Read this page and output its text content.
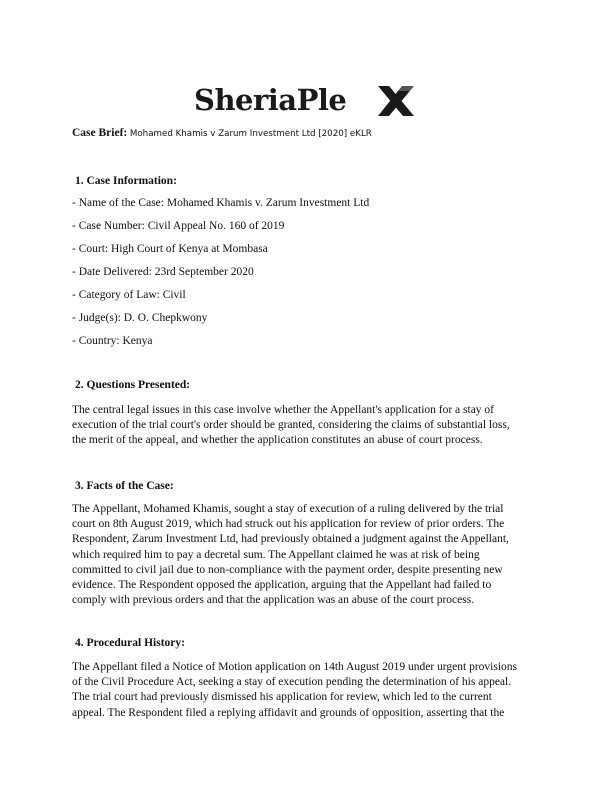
SheriaPle
Case Brief: Mohamed Khamis v Zarum Investment Ltd [2020] eKLR
1. Case Information:
- Name of the Case: Mohamed Khamis v. Zarum Investment Ltd
- Case Number: Civil Appeal No. 160 of 2019
- Court: High Court of Kenya at Mombasa
- Date Delivered: 23rd September 2020
- Category of Law: Civil
- Judge(s): D. O. Chepkwony
- Country: Kenya
2. Questions Presented:
The central legal issues in this case involve whether the Appellant's application for a stay of
execution of the trial court's order should be granted, considering the claims of substantial loss,
the merit of the appeal, and whether the application constitutes an abuse of court process.
3. Facts of the Case:
The Appellant, Mohamed Khamis, sought a stay of execution of a ruling delivered by the trial
court on 8th August 2019, which had struck out his application for review of prior orders. The
Respondent, Zarum Investment Ltd, had previously obtained a judgment against the Appellant,
which required him to pay a decretal sum. The Appellant claimed he was at risk of being
committed to civil jail due to non-compliance with the payment order, despite presenting new
evidence. The Respondent opposed the application, arguing that the Appellant had failed to
comply with previous orders and that the application was an abuse of the court process.
4. Procedural History:
The Appellant filed a Notice of Motion application on 14th August 2019 under urgent provisions
of the Civil Procedure Act, seeking a stay of execution pending the determination of his appeal.
The trial court had previously dismissed his application for review, which led to the current
appeal. The Respondent filed a replying affidavit and grounds of opposition, asserting that the
